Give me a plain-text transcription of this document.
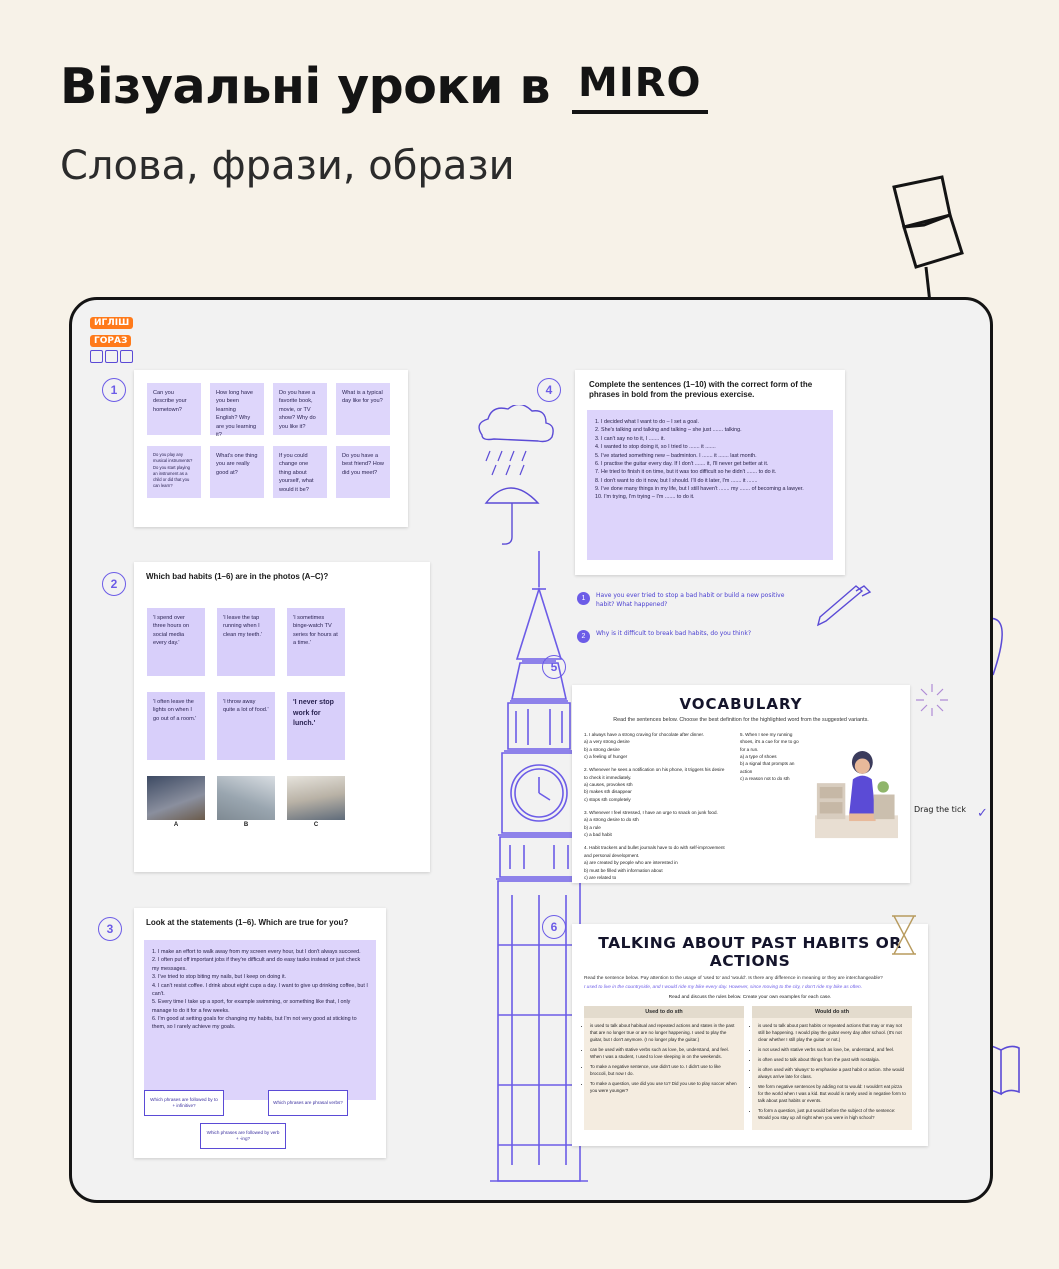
Візуальні уроки в MIRO
Слова, фрази, образи
ИГЛІШ
ГОРАЗ
1
2
3
4
5
6
Can you describe your hometown?
How long have you been learning English? Why are you learning it?
Do you have a favorite book, movie, or TV show? Why do you like it?
What is a typical day like for you?
Do you play any musical instruments? Do you start playing an instrument as a child or did that you can learn?
What's one thing you are really good at?
If you could change one thing about yourself, what would it be?
Do you have a best friend? How did you meet?
Which bad habits (1–6) are in the photos (A–C)?
'I spend over three hours on social media every day.'
'I leave the tap running when I clean my teeth.'
'I sometimes binge-watch TV series for hours at a time.'
'I often leave the lights on when I go out of a room.'
'I throw away quite a lot of food.'
'I never stop work for lunch.'
A	B	C
Look at the statements (1–6). Which are true for you?
1. I make an effort to walk away from my screen every hour, but I don't always succeed.
2. I often put off important jobs if they're difficult and do easy tasks instead or just check my messages.
3. I've tried to stop biting my nails, but I keep on doing it.
4. I can't resist coffee. I drink about eight cups a day. I want to give up drinking coffee, but I can't.
5. Every time I take up a sport, for example swimming, or something like that, I only manage to do it for a few weeks.
6. I'm good at setting goals for changing my habits, but I'm not very good at sticking to them, so I rarely achieve my goals.
Which phrases are followed by to + infinitive?
Which phrases are phrasal verbs?
Which phrases are followed by verb + -ing?
Complete the sentences (1–10) with the correct form of the phrases in bold from the previous exercise.
1. I decided what I want to do – I set a goal.
2. She's talking and talking and talking – she just ....... talking.
3. I can't say no to it, I ....... it.
4. I wanted to stop doing it, so I tried to ....... it .......
5. I've started something new – badminton. I ....... it ....... last month.
6. I practise the guitar every day. If I don't ....... it, I'll never get better at it.
7. He tried to finish it on time, but it was too difficult so he didn't ....... to do it.
8. I don't want to do it now, but I should. I'll do it later, I'm ....... it .......
9. I've done many things in my life, but I still haven't ....... my ....... of becoming a lawyer.
10. I'm trying, I'm trying – I'm ....... to do it.
1	Have you ever tried to stop a bad habit or build a new positive habit? What happened?
2	Why is it difficult to break bad habits, do you think?
VOCABULARY
Read the sentences below. Choose the best definition for the highlighted word from the suggested variants.
1. I always have a strong craving for chocolate after dinner.
a) a very strong desire
b) a strong desire
c) a feeling of hunger
2. Whenever he sees a notification on his phone, it triggers his desire to check it immediately.
a) causes, provokes sth
b) makes sth disappear
c) stops sth completely
3. Whenever I feel stressed, I have an urge to snack on junk food.
a) a strong desire to do sth
b) a rule
c) a bad habit
4. Habit trackers and bullet journals have to do with self-improvement and personal development.
a) are created by people who are interested in
b) must be filled with information about
c) are related to
5. When I see my running shoes, it's a cue for me to go for a run.
a) a type of shoes
b) a signal that prompts an action
c) a reason not to do sth
Drag the tick ✓
TALKING ABOUT PAST HABITS OR ACTIONS
Read the sentence below. Pay attention to the usage of 'used to' and 'would'. Is there any difference in meaning or they are interchangeable?
I used to live in the countryside, and I would ride my bike every day. However, since moving to the city, I don't ride my bike as often.
Read and discuss the rules below. Create your own examples for each case.
Used to do sth
• is used to talk about habitual and repeated actions and states in the past that are no longer true or are no longer happening. I used to play the guitar, but I don't anymore. (I no longer play the guitar.)
• can be used with stative verbs such as love, be, understand, and feel. When I was a student, I used to love sleeping in on the weekends.
• To make a negative sentence, use didn't use to. I didn't use to like broccoli, but now I do.
• To make a question, use did you use to? Did you use to play soccer when you were younger?
Would do sth
• is used to talk about past habits or repeated actions that may or may not still be happening. I would play the guitar every day after school. (It's not clear whether I still play the guitar or not.)
• is not used with stative verbs such as love, be, understand, and feel.
• is often used to talk about things from the past with nostalgia.
• is often used with 'always' to emphasise a past habit or action. She would always arrive late for class.
• We form negative sentences by adding not to would: I wouldn't eat pizza for the world when I was a kid. But would is rarely used in negative form to talk about past habits or events.
• To form a question, just put would before the subject of the sentence: Would you stay up all night when you were in high school?
